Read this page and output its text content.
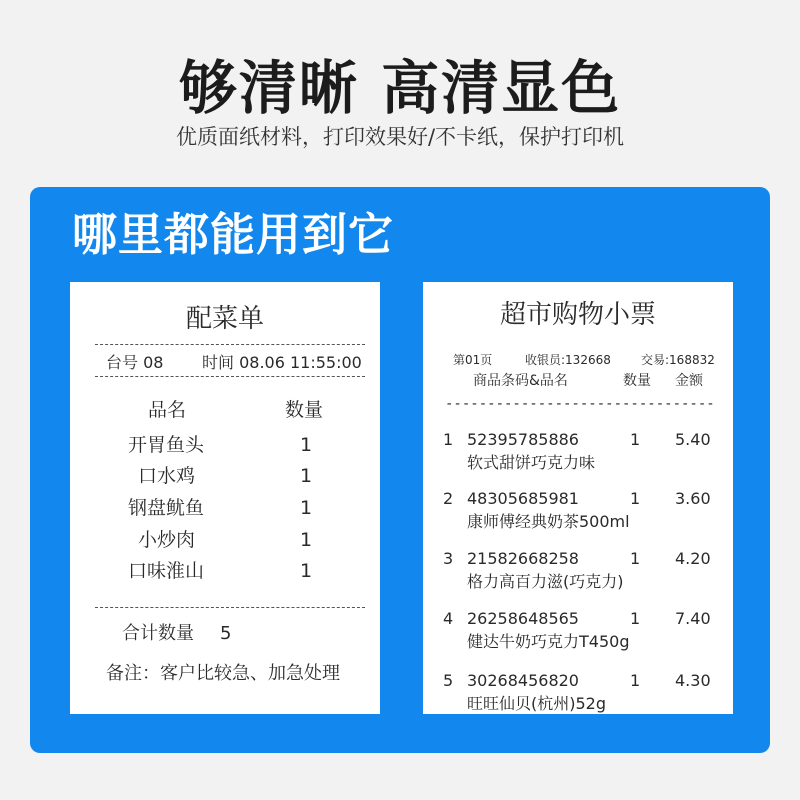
够清晰 高清显色
优质面纸材料，打印效果好/不卡纸，保护打印机
哪里都能用到它
配菜单
台号 08 时间 08.06 11:55:00
品名	数量
开胃鱼头	1
口水鸡	1
钢盘鱿鱼	1
小炒肉	1
口味淮山	1
合计数量 5
备注：客户比较急、加急处理
超市购物小票
第01页	收银员:132668	交易:168832
商品条码&品名	数量 金额
--------------------------------
1 52395785886	1 5.40
软式甜饼巧克力味
2 48305685981	1 3.60
康师傅经典奶茶500ml
3 21582668258	1 4.20
格力高百力滋(巧克力)
4 26258648565	1 7.40
健达牛奶巧克力T450g
5 30268456820	1 4.30
旺旺仙贝(杭州)52g
